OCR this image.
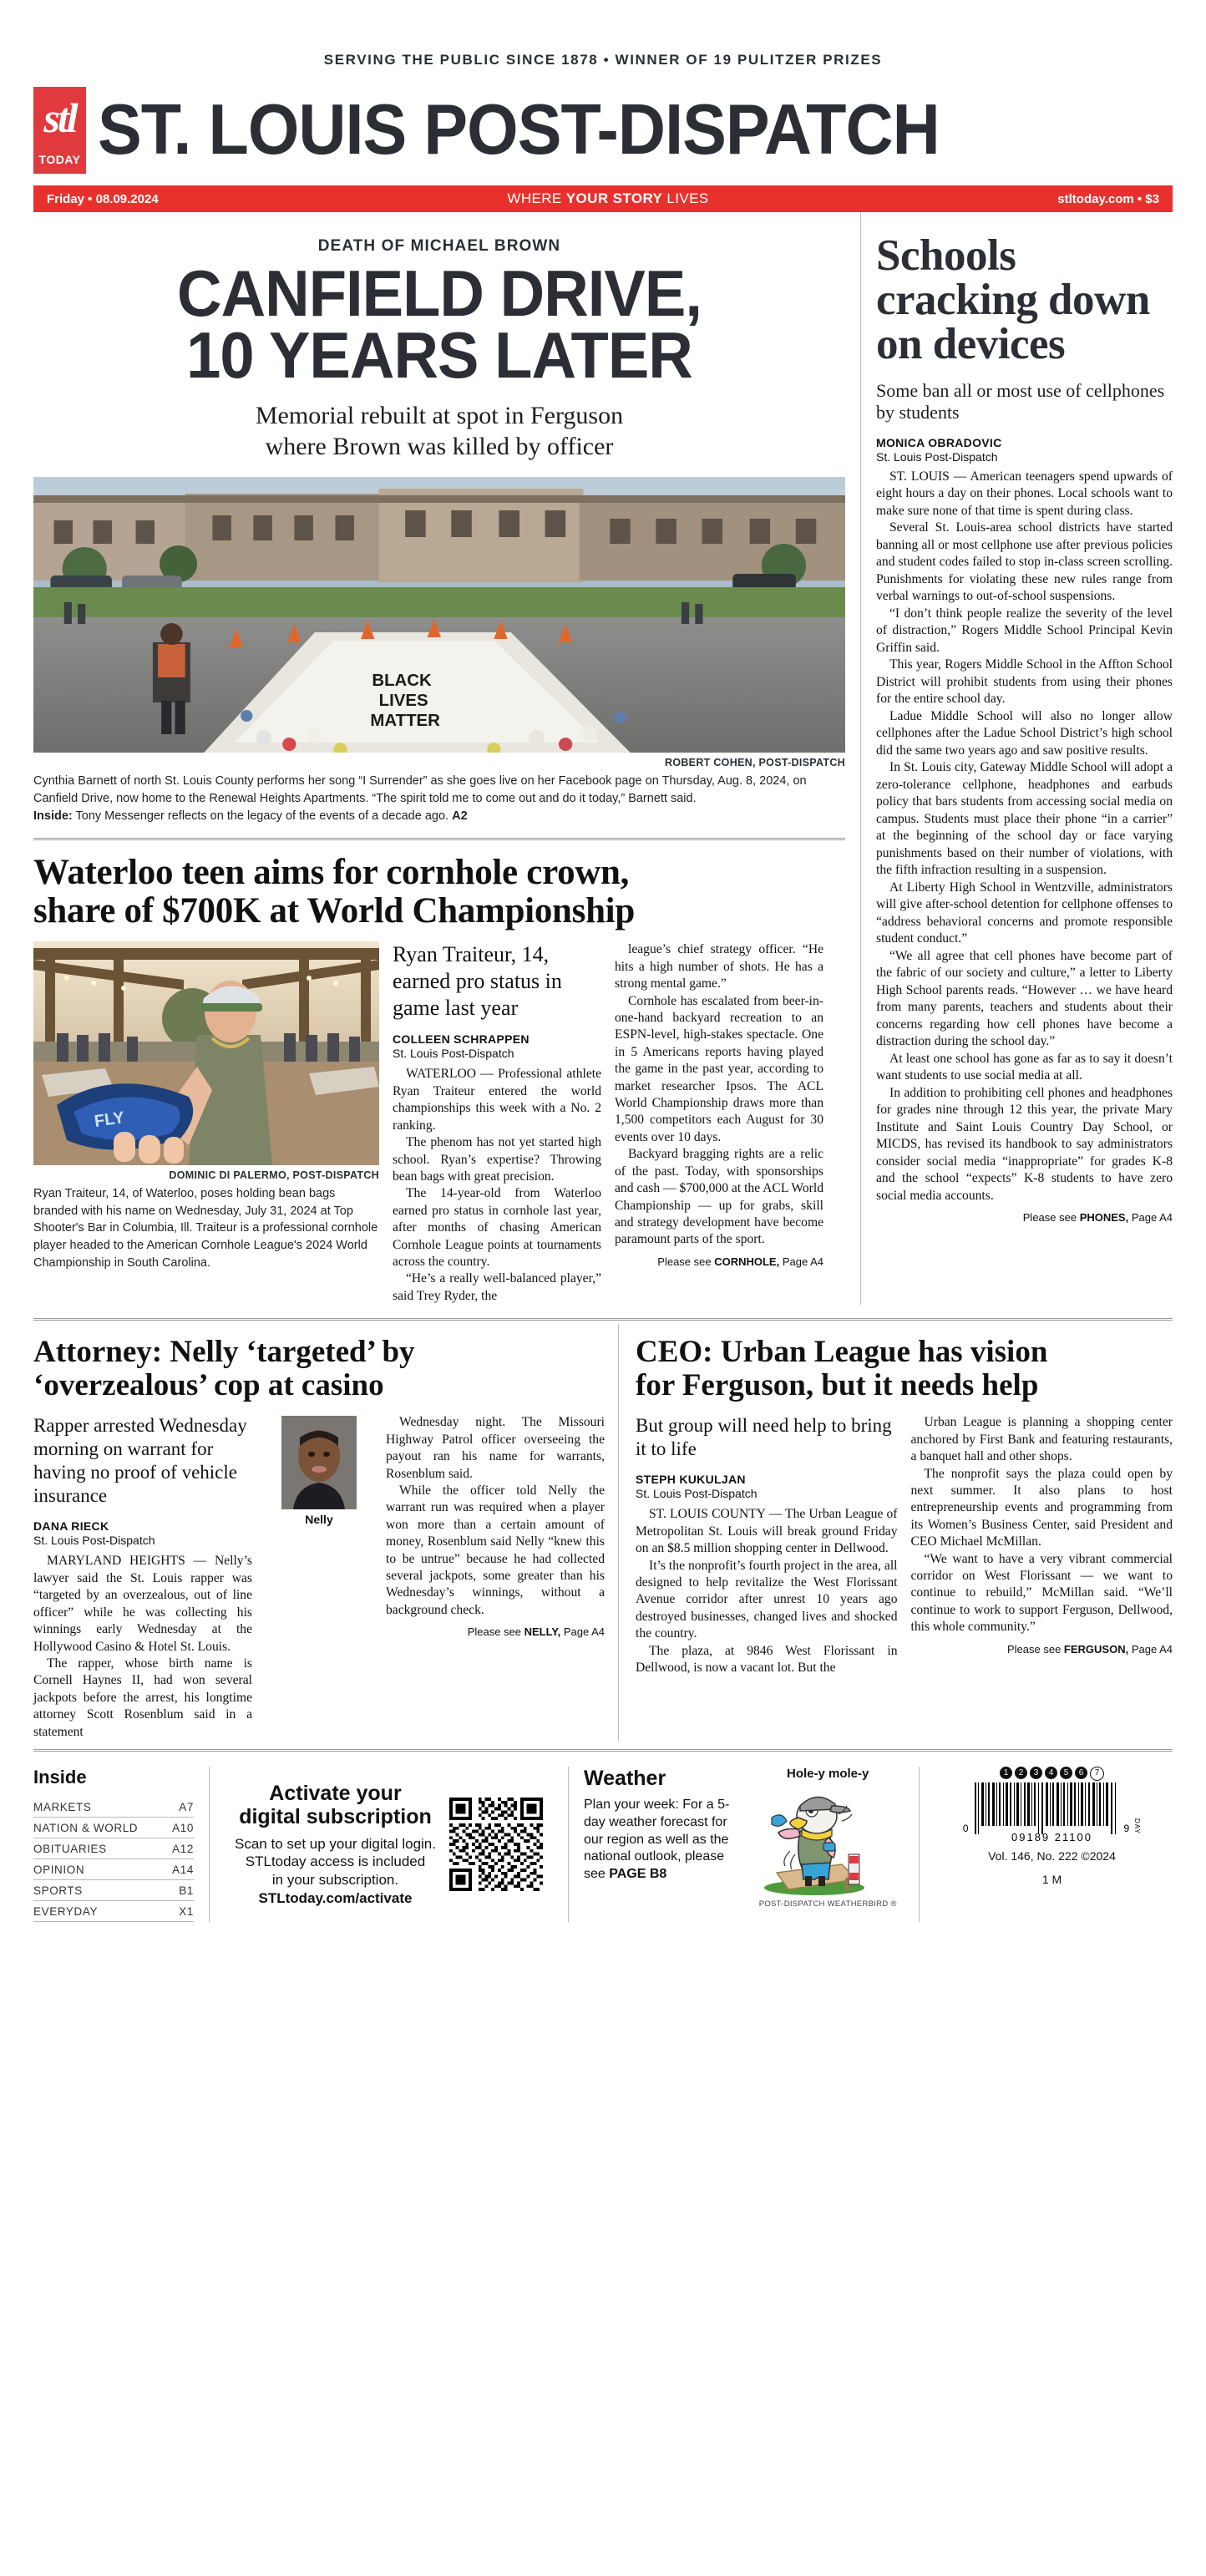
SERVING THE PUBLIC SINCE 1878 • WINNER OF 19 PULITZER PRIZES
stl
TODAY ST. LOUIS POST-DISPATCH
Friday • 08.09.2024	WHERE YOUR STORY LIVES	stltoday.com • $3
DEATH OF MICHAEL BROWN
CANFIELD DRIVE,
10 YEARS LATER
Memorial rebuilt at spot in Ferguson
where Brown was killed by officer
BLACK
LIVES
MATTER
ROBERT COHEN, POST-DISPATCH
Cynthia Barnett of north St. Louis County performs her song “I Surrender” as she goes live on her Facebook page on Thursday, Aug. 8, 2024, on Canfield Drive, now home to the Renewal Heights Apartments. “The spirit told me to come out and do it today,” Barnett said.
Inside: Tony Messenger reflects on the legacy of the events of a decade ago. A2
Waterloo teen aims for cornhole crown,
share of $700K at World Championship
FLY
DOMINIC DI PALERMO, POST-DISPATCH
Ryan Traiteur, 14, of Waterloo, poses holding bean bags branded with his name on Wednesday, July 31, 2024 at Top Shooter's Bar in Columbia, Ill. Traiteur is a professional cornhole player headed to the American Cornhole League's 2024 World Championship in South Carolina.
Ryan Traiteur, 14, earned pro status in game last year
COLLEEN SCHRAPPEN
St. Louis Post-Dispatch

WATERLOO — Professional athlete Ryan Traiteur entered the world championships this week with a No. 2 ranking.

The phenom has not yet started high school. Ryan’s expertise? Throwing bean bags with great precision.

The 14-year-old from Waterloo earned pro status in cornhole last year, after months of chasing American Cornhole League points at tournaments across the country.

“He’s a really well-balanced player,” said Trey Ryder, the

league’s chief strategy officer. “He hits a high number of shots. He has a strong mental game.”

Cornhole has escalated from beer-in-one-hand backyard recreation to an ESPN-level, high-stakes spectacle. One in 5 Americans reports having played the game in the past year, according to market researcher Ipsos. The ACL World Championship draws more than 1,500 competitors each August for 30 events over 10 days.

Backyard bragging rights are a relic of the past. Today, with sponsorships and cash — $700,000 at the ACL World Championship — up for grabs, skill and strategy development have become paramount parts of the sport.

Please see CORNHOLE, Page A4
Schools cracking down on devices
Some ban all or most use of cellphones by students
MONICA OBRADOVIC
St. Louis Post-Dispatch

ST. LOUIS — American teenagers spend upwards of eight hours a day on their phones. Local schools want to make sure none of that time is spent during class.

Several St. Louis-area school districts have started banning all or most cellphone use after previous policies and student codes failed to stop in-class screen scrolling. Punishments for violating these new rules range from verbal warnings to out-of-school suspensions.

“I don’t think people realize the severity of the level of distraction,” Rogers Middle School Principal Kevin Griffin said.

This year, Rogers Middle School in the Affton School District will prohibit students from using their phones for the entire school day.

Ladue Middle School will also no longer allow cellphones after the Ladue School District’s high school did the same two years ago and saw positive results.

In St. Louis city, Gateway Middle School will adopt a zero-tolerance cellphone, headphones and earbuds policy that bars students from accessing social media on campus. Students must place their phone “in a carrier” at the beginning of the school day or face varying punishments based on their number of violations, with the fifth infraction resulting in a suspension.

At Liberty High School in Wentzville, administrators will give after-school detention for cellphone offenses to “address behavioral concerns and promote responsible student conduct.”

“We all agree that cell phones have become part of the fabric of our society and culture,” a letter to Liberty High School parents reads. “However … we have heard from many parents, teachers and students about their concerns regarding how cell phones have become a distraction during the school day.”

At least one school has gone as far as to say it doesn’t want students to use social media at all.

In addition to prohibiting cell phones and headphones for grades nine through 12 this year, the private Mary Institute and Saint Louis Country Day School, or MICDS, has revised its handbook to say administrators consider social media “inappropriate” for grades K-8 and the school “expects” K-8 students to have zero social media accounts.

Please see PHONES, Page A4
Attorney: Nelly ‘targeted’ by
‘overzealous’ cop at casino
Rapper arrested Wednesday morning on warrant for having no proof of vehicle insurance
DANA RIECK
St. Louis Post-Dispatch

MARYLAND HEIGHTS — Nelly’s lawyer said the St. Louis rapper was “targeted by an overzealous, out of line officer” while he was collecting his winnings early Wednesday at the Hollywood Casino & Hotel St. Louis.

The rapper, whose birth name is Cornell Haynes II, had won several jackpots before the arrest, his longtime attorney Scott Rosenblum said in a statement

Nelly

Wednesday night. The Missouri Highway Patrol officer overseeing the payout ran his name for warrants, Rosenblum said.

While the officer told Nelly the warrant run was required when a player won more than a certain amount of money, Rosenblum said Nelly “knew this to be untrue” because he had collected several jackpots, some greater than his Wednesday’s winnings, without a background check.

Please see NELLY, Page A4
CEO: Urban League has vision
for Ferguson, but it needs help
But group will need help to bring it to life
STEPH KUKULJAN
St. Louis Post-Dispatch

ST. LOUIS COUNTY — The Urban League of Metropolitan St. Louis will break ground Friday on an $8.5 million shopping center in Dellwood.

It’s the nonprofit’s fourth project in the area, all designed to help revitalize the West Florissant Avenue corridor after unrest 10 years ago destroyed businesses, changed lives and shocked the country.

The plaza, at 9846 West Florissant in Dellwood, is now a vacant lot. But the

Urban League is planning a shopping center anchored by First Bank and featuring restaurants, a banquet hall and other shops.

The nonprofit says the plaza could open by next summer. It also plans to host entrepreneurship events and programming from its Women’s Business Center, said President and CEO Michael McMillan.

“We want to have a very vibrant commercial corridor on West Florissant — we want to continue to rebuild,” McMillan said. “We’ll continue to work to support Ferguson, Dellwood, this whole community.”

Please see FERGUSON, Page A4
Inside
MARKETS	A7
NATION & WORLD	A10
OBITUARIES	A12
OPINION	A14
SPORTS	B1
EVERYDAY	X1
Activate your
digital subscription
Scan to set up your digital login.
STLtoday access is included
in your subscription.
STLtoday.com/activate
Weather
Plan your week: For a 5-day weather forecast for our region as well as the national outlook, please see PAGE B8
Hole-y mole-y
POST-DISPATCH WEATHERBIRD ®
1	2	3	4	5	6	7
0	9 DAY
09189 21100
Vol. 146, No. 222 ©2024
1 M
